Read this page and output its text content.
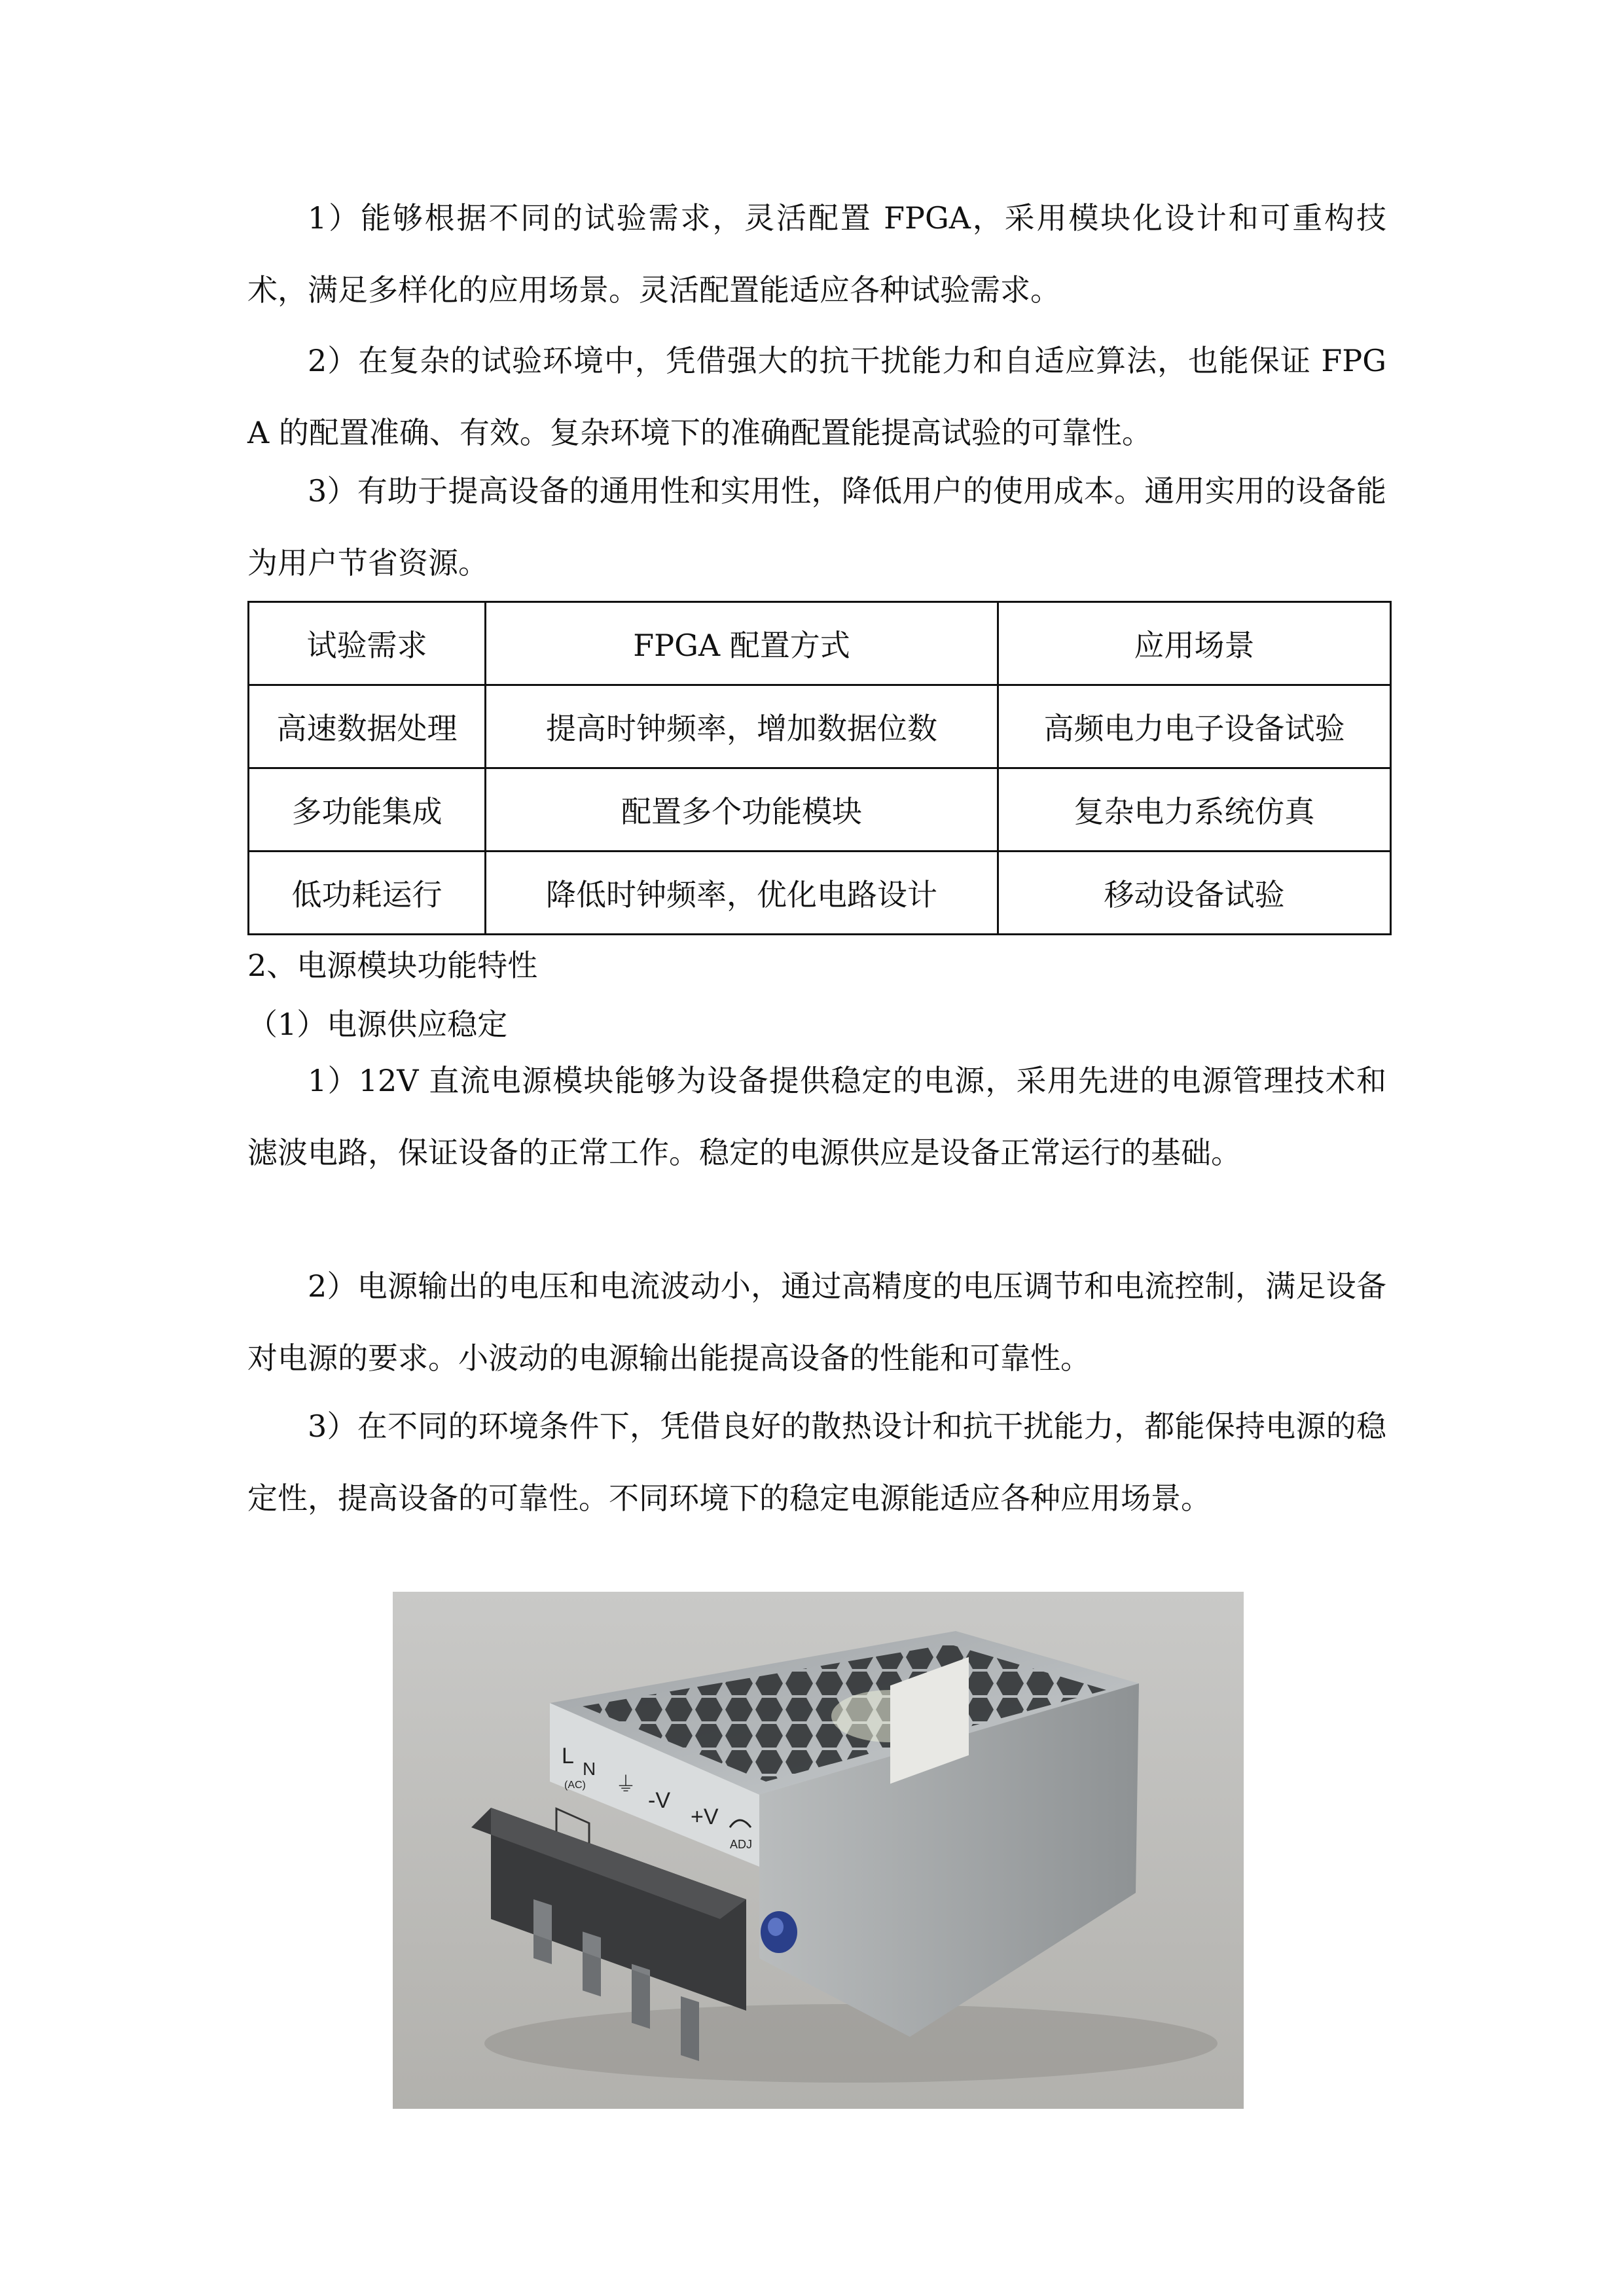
1）能够根据不同的试验需求，灵活配置 FPGA，采用模块化设计和可重构技术，满足多样化的应用场景。灵活配置能适应各种试验需求。

2）在复杂的试验环境中，凭借强大的抗干扰能力和自适应算法，也能保证 FPGA 的配置准确、有效。复杂环境下的准确配置能提高试验的可靠性。

3）有助于提高设备的通用性和实用性，降低用户的使用成本。通用实用的设备能为用户节省资源。

试验需求	FPGA 配置方式	应用场景
高速数据处理	提高时钟频率，增加数据位数	高频电力电子设备试验
多功能集成	配置多个功能模块	复杂电力系统仿真
低功耗运行	降低时钟频率，优化电路设计	移动设备试验

2、电源模块功能特性

（1）电源供应稳定

1）12V 直流电源模块能够为设备提供稳定的电源，采用先进的电源管理技术和滤波电路，保证设备的正常工作。稳定的电源供应是设备正常运行的基础。

2）电源输出的电压和电流波动小，通过高精度的电压调节和电流控制，满足设备对电源的要求。小波动的电源输出能提高设备的性能和可靠性。

3）在不同的环境条件下，凭借良好的散热设计和抗干扰能力，都能保持电源的稳定性，提高设备的可靠性。不同环境下的稳定电源能适应各种应用场景。

L
N
(AC) ⏚
-V
+V
ADJ
